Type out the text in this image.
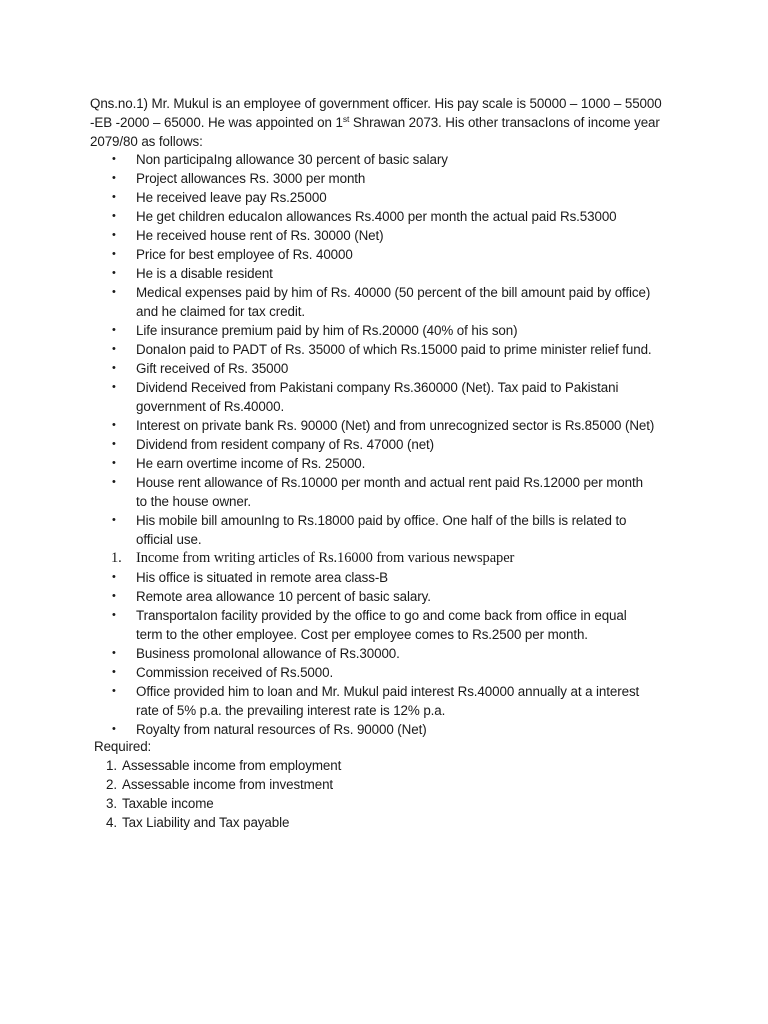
Qns.no.1) Mr. Mukul is an employee of government officer. His pay scale is 50000 – 1000 – 55000
-EB -2000 – 65000. He was appointed on 1st Shrawan 2073. His other transacIons of income year
2079/80 as follows:
•	Non participaIng allowance 30 percent of basic salary
•	Project allowances Rs. 3000 per month
•	He received leave pay Rs.25000
•	He get children educaIon allowances Rs.4000 per month the actual paid Rs.53000
•	He received house rent of Rs. 30000 (Net)
•	Price for best employee of Rs. 40000
•	He is a disable resident
•	Medical expenses paid by him of Rs. 40000 (50 percent of the bill amount paid by office)
and he claimed for tax credit.
•	Life insurance premium paid by him of Rs.20000 (40% of his son)
•	DonaIon paid to PADT of Rs. 35000 of which Rs.15000 paid to prime minister relief fund.
•	Gift received of Rs. 35000
•	Dividend Received from Pakistani company Rs.360000 (Net). Tax paid to Pakistani
government of Rs.40000.
•	Interest on private bank Rs. 90000 (Net) and from unrecognized sector is Rs.85000 (Net)
•	Dividend from resident company of Rs. 47000 (net)
•	He earn overtime income of Rs. 25000.
•	House rent allowance of Rs.10000 per month and actual rent paid Rs.12000 per month
to the house owner.
•	His mobile bill amounIng to Rs.18000 paid by office. One half of the bills is related to
official use.
1. Income from writing articles of Rs.16000 from various newspaper
•	His office is situated in remote area class-B
•	Remote area allowance 10 percent of basic salary.
•	TransportaIon facility provided by the office to go and come back from office in equal
term to the other employee. Cost per employee comes to Rs.2500 per month.
•	Business promoIonal allowance of Rs.30000.
•	Commission received of Rs.5000.
•	Office provided him to loan and Mr. Mukul paid interest Rs.40000 annually at a interest
rate of 5% p.a. the prevailing interest rate is 12% p.a.
•	Royalty from natural resources of Rs. 90000 (Net)
Required:
1. Assessable income from employment
2. Assessable income from investment
3. Taxable income
4. Tax Liability and Tax payable
